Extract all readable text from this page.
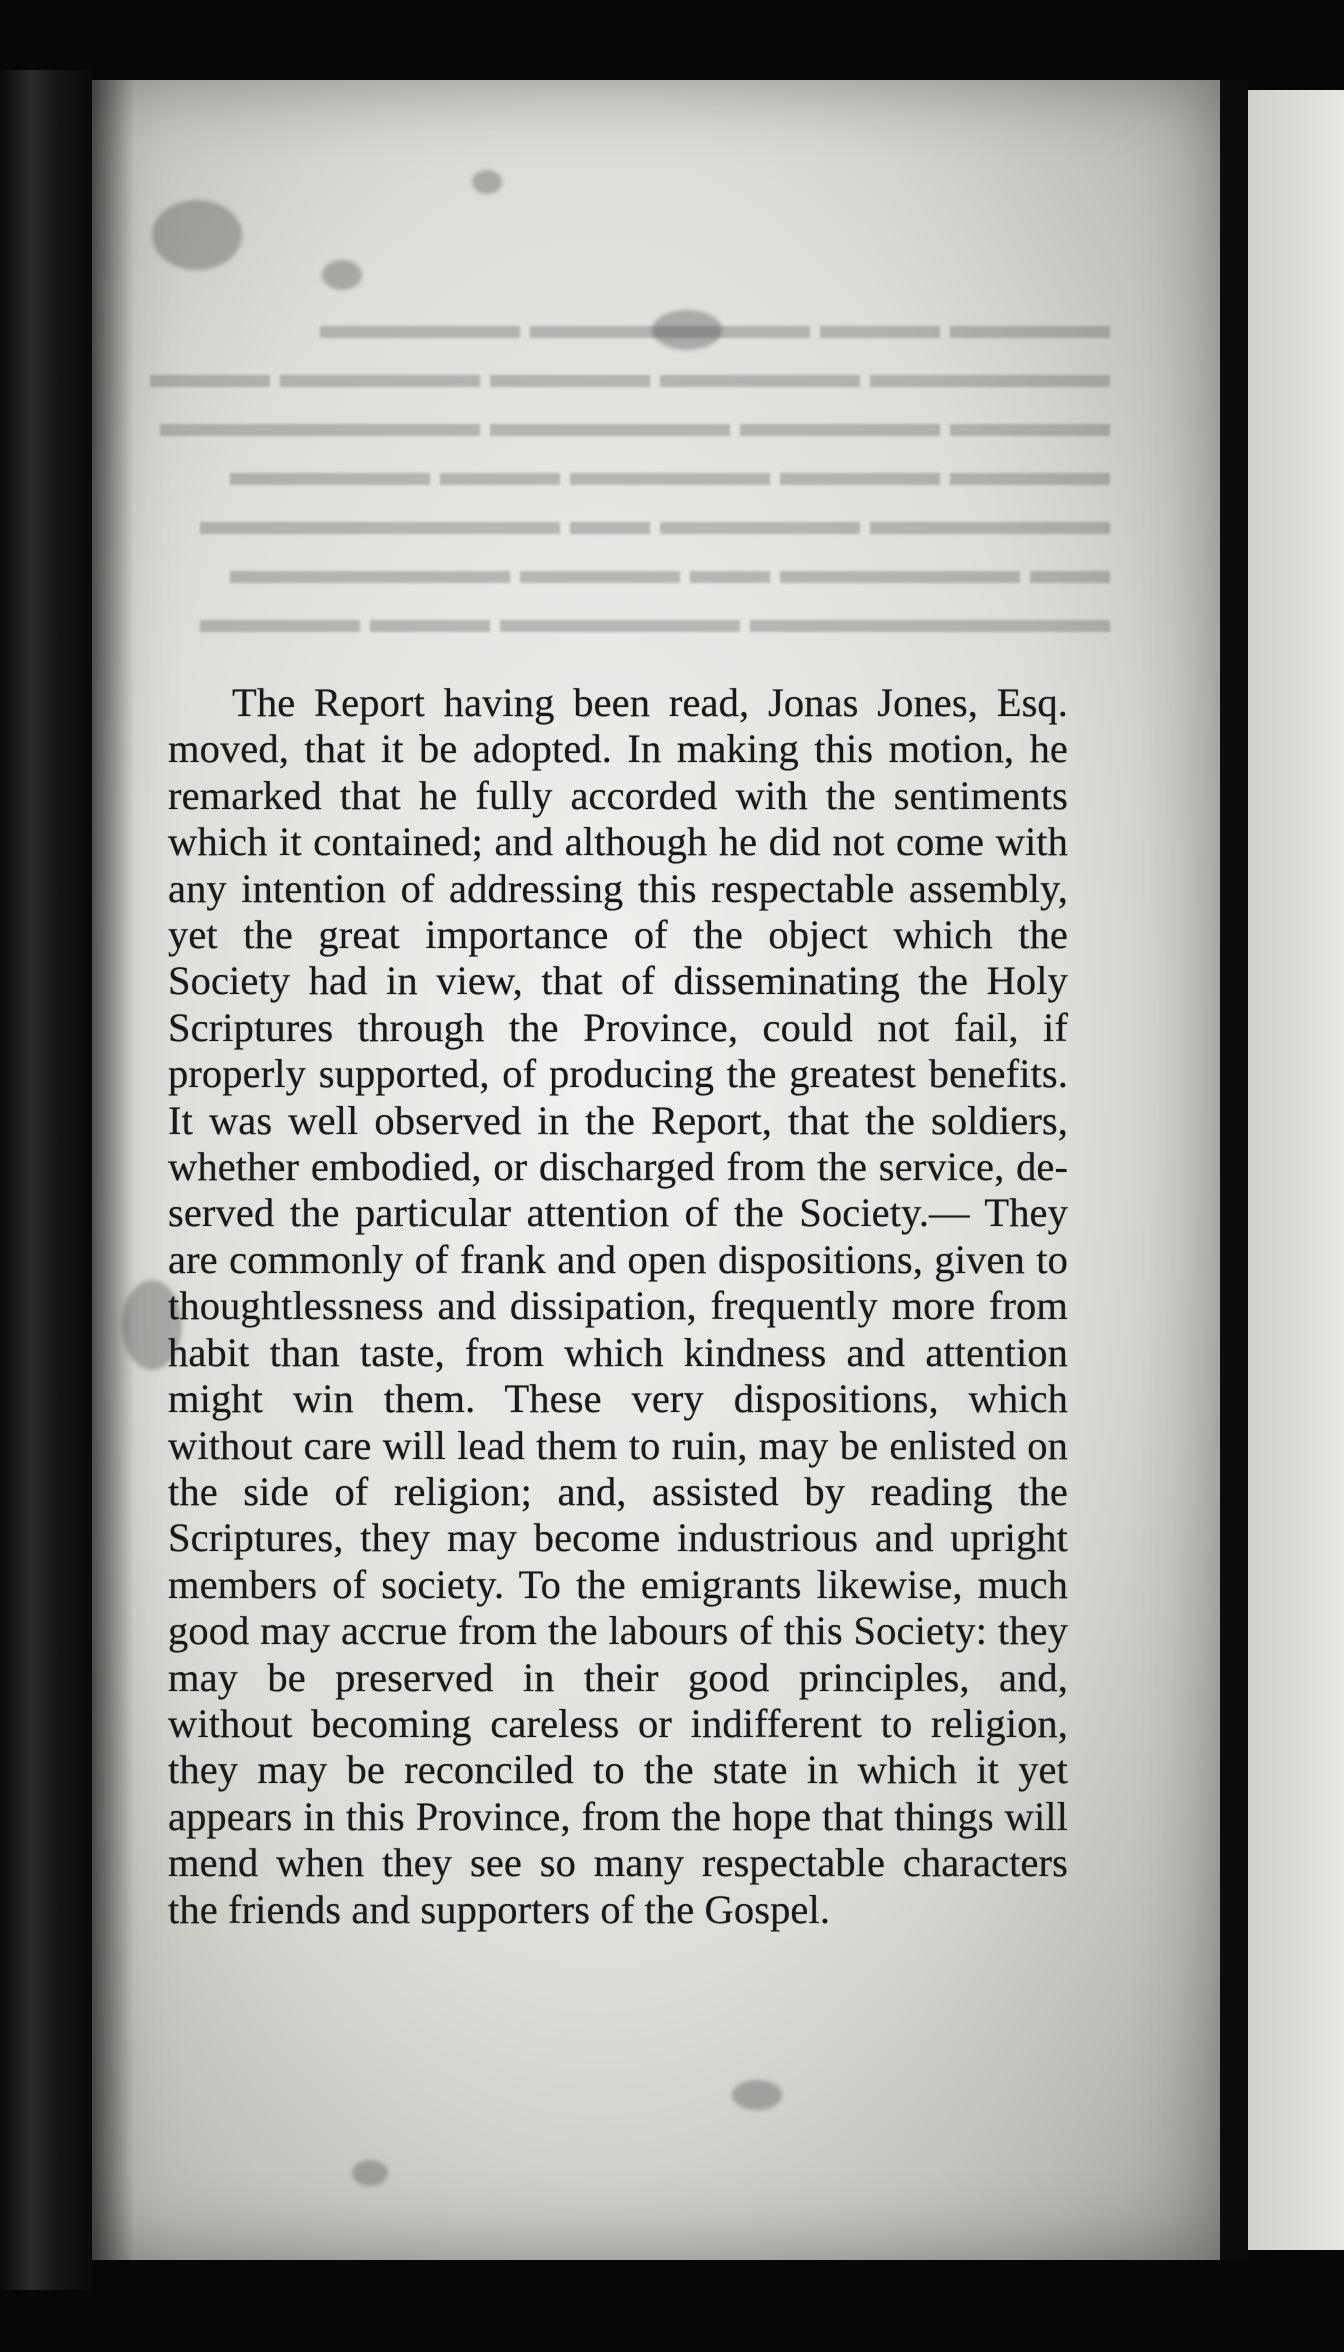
▬▬▬▬ ▬▬▬ ▬▬▬▬▬▬▬ ▬▬▬▬▬
▬▬▬▬▬▬ ▬▬▬▬▬ ▬▬▬▬ ▬▬▬▬▬ ▬▬▬
▬▬▬▬ ▬▬▬▬▬ ▬▬▬▬▬▬ ▬▬▬▬▬▬▬▬
▬▬▬▬ ▬▬▬▬ ▬▬▬▬▬ ▬▬▬ ▬▬▬▬▬
▬▬▬▬▬▬ ▬▬▬▬▬ ▬▬ ▬▬▬▬▬▬▬▬▬
▬▬ ▬▬▬▬▬▬ ▬▬ ▬▬▬▬ ▬▬▬▬▬▬▬
▬▬▬▬▬▬▬▬▬ ▬▬▬▬▬▬ ▬▬▬ ▬▬▬▬

The Report having been read, Jonas Jones, Esq. moved, that it be adopted. In making this motion, he remarked that he fully accorded with the sentiments which it contained; and although he did not come with any intention of addressing this respectable assembly, yet the great importance of the object which the Society had in view, that of disseminating the Holy Scriptures through the Province, could not fail, if properly supported, of producing the greatest benefits. It was well observed in the Report, that the soldiers, whether embodied, or discharged from the service, deserved the particular attention of the Society.— They are commonly of frank and open dispositions, given to thoughtlessness and dissipation, frequently more from habit than taste, from which kindness and attention might win them. These very dispositions, which without care will lead them to ruin, may be enlisted on the side of religion; and, assisted by reading the Scriptures, they may become industrious and upright members of society. To the emigrants likewise, much good may accrue from the labours of this Society: they may be preserved in their good principles, and, without becoming careless or indifferent to religion, they may be reconciled to the state in which it yet appears in this Province, from the hope that things will mend when they see so many respectable characters the friends and supporters of the Gospel.
